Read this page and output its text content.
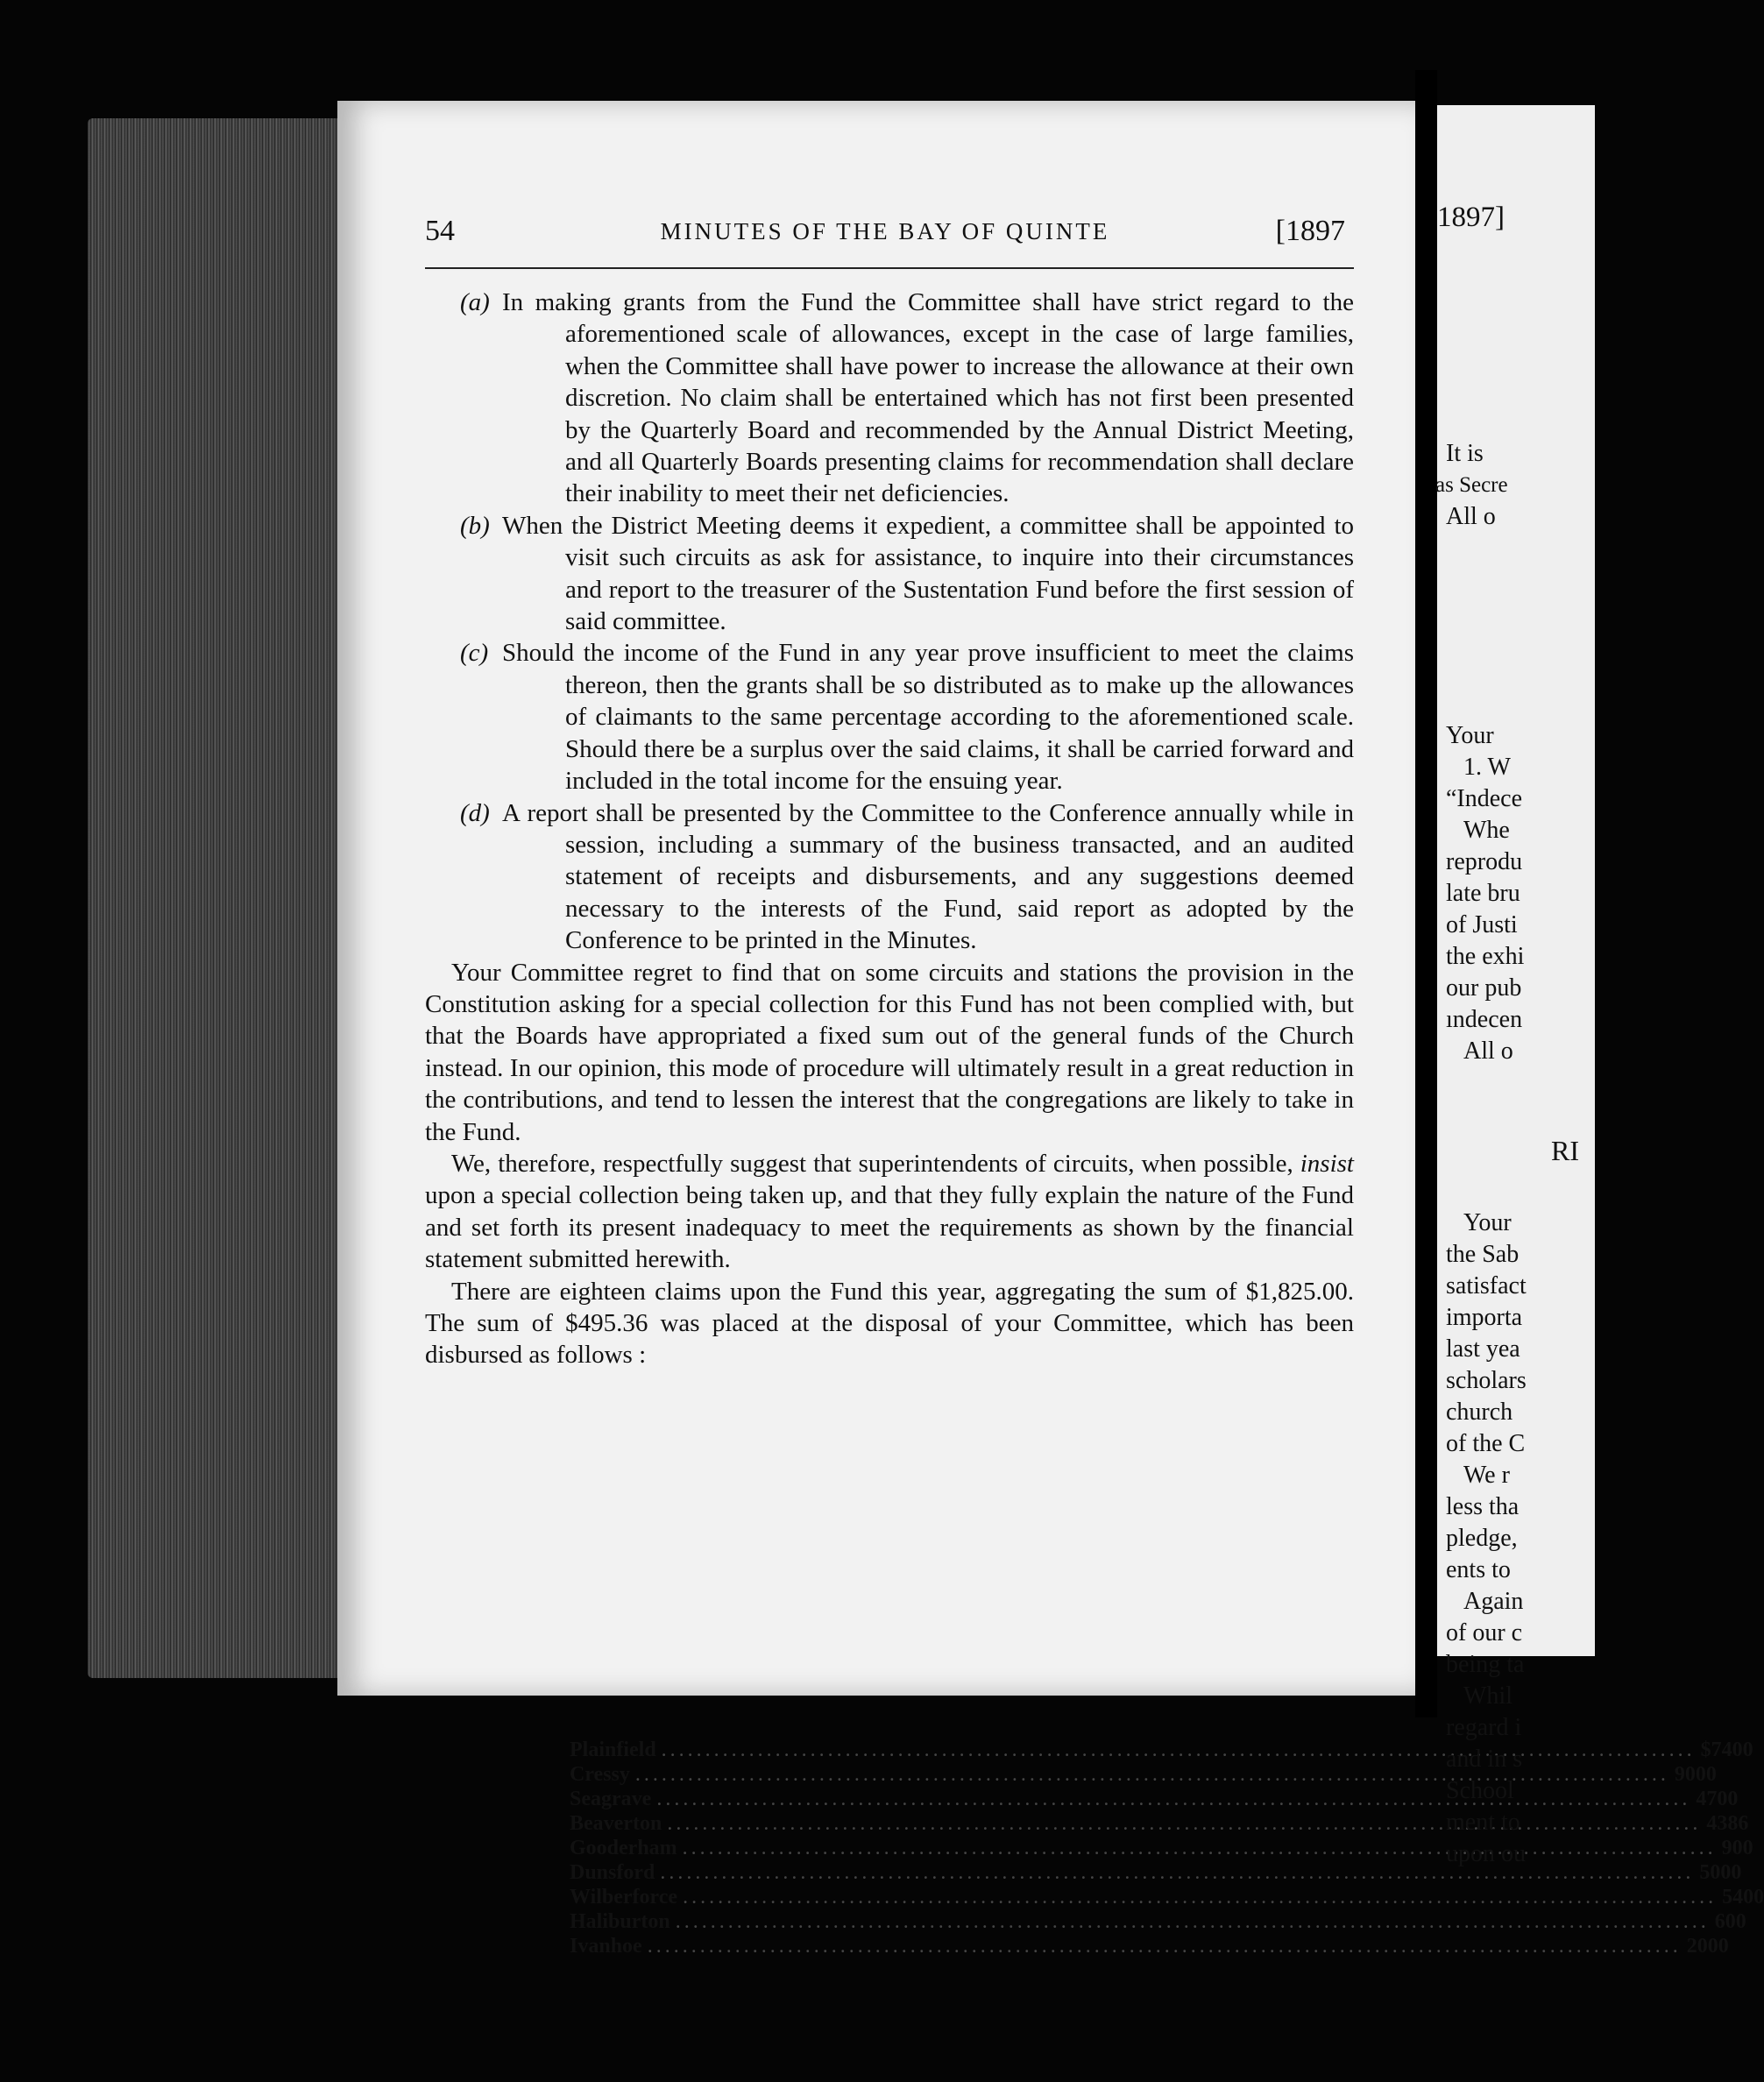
54	MINUTES OF THE BAY OF QUINTE	[1897

(a) In making grants from the Fund the Committee shall have strict regard to the aforementioned scale of allowances, except in the case of large families, when the Committee shall have power to increase the allowance at their own discretion. No claim shall be entertained which has not first been presented by the Quarterly Board and recommended by the Annual District Meeting, and all Quarterly Boards presenting claims for recommendation shall declare their inability to meet their net deficiencies.

(b) When the District Meeting deems it expedient, a committee shall be appointed to visit such circuits as ask for assistance, to inquire into their circumstances and report to the treasurer of the Sustentation Fund before the first session of said committee.

(c) Should the income of the Fund in any year prove insufficient to meet the claims thereon, then the grants shall be so distributed as to make up the allowances of claimants to the same percentage according to the aforementioned scale. Should there be a surplus over the said claims, it shall be carried forward and included in the total income for the ensuing year.

(d) A report shall be presented by the Committee to the Conference annually while in session, including a summary of the business transacted, and an audited statement of receipts and disbursements, and any suggestions deemed necessary to the interests of the Fund, said report as adopted by the Conference to be printed in the Minutes.

Your Committee regret to find that on some circuits and stations the provision in the Constitution asking for a special collection for this Fund has not been complied with, but that the Boards have appropriated a fixed sum out of the general funds of the Church instead. In our opinion, this mode of procedure will ultimately result in a great reduction in the contributions, and tend to lessen the interest that the congregations are likely to take in the Fund.

We, therefore, respectfully suggest that superintendents of circuits, when possible, insist upon a special collection being taken up, and that they fully explain the nature of the Fund and set forth its present inadequacy to meet the requirements as shown by the financial statement submitted herewith.

There are eighteen claims upon the Fund this year, aggregating the sum of $1,825.00. The sum of $495.36 was placed at the disposal of your Committee, which has been disbursed as follows :

Plainfield .....	$74 00
Cressy .....	90 00
Seagrave .....	47 00
Beaverton .....	43 86
Gooderham .....	9 00
Dunsford .....	50 00
Wilberforce .....	54 00
Haliburton .....	6 00
Ivanhoe .....	20 00
1897]
It is
as Secre
All o
Your
1. W
“Indece
Whe
reprodu
late bru
of Justi
the exhi
our pub
ındecen
All o
RI
Your
the Sab
satisfact
importa
last yea
scholars
church
of the C
We r
less tha
pledge,
ents to
Again
of our c
being ta
Whil
regard i
and in s
School
ment to
upon ou
